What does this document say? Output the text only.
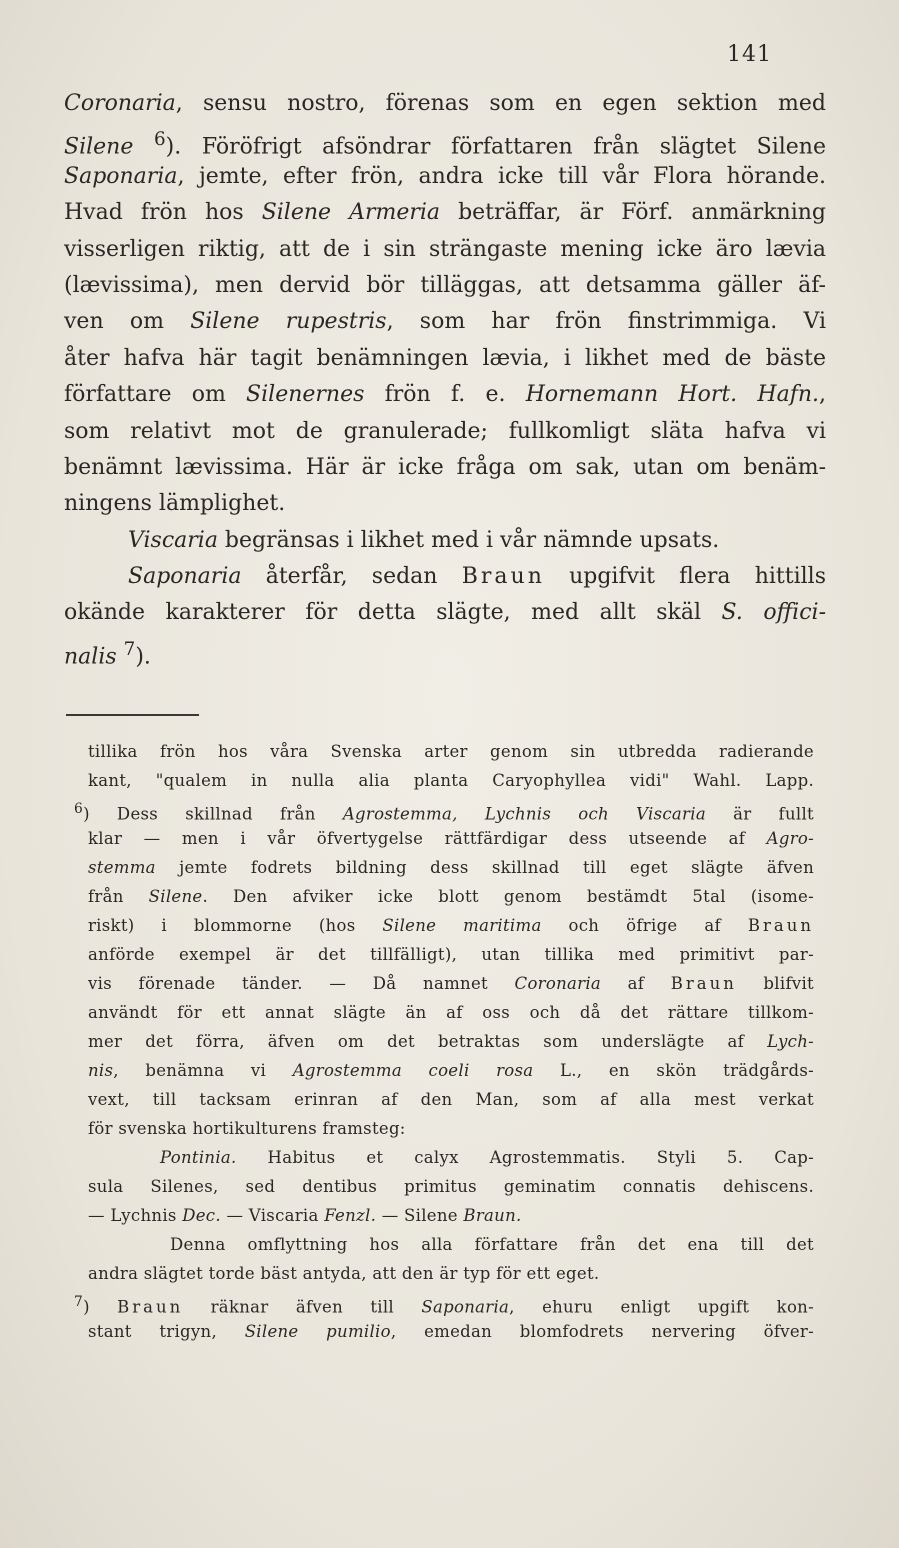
141
Coronaria, sensu nostro, förenas som en egen sektion med
Silene $^6$). Föröfrigt afsöndrar författaren från slägtet Silene
Saponaria, jemte, efter frön, andra icke till vår Flora hörande.
Hvad frön hos Silene Armeria beträffar, är Förf. anmärkning
visserligen riktig, att de i sin strängaste mening icke äro lævia
(lævissima), men dervid bör tilläggas, att detsamma gäller äf-
ven om Silene rupestris, som har frön finstrimmiga. Vi
åter hafva här tagit benämningen lævia, i likhet med de bäste
författare om Silenernes frön f. e. Hornemann Hort. Hafn.,
som relativt mot de granulerade; fullkomligt släta hafva vi
benämnt lævissima. Här är icke fråga om sak, utan om benäm-
ningens lämplighet.
Viscaria begränsas i likhet med i vår nämnde upsats.
Saponaria återfår, sedan Braun upgifvit flera hittills
okände karakterer för detta slägte, med allt skäl S. offici-
nalis $^7$).
tillika frön hos våra Svenska arter genom sin utbredda radierande
kant, "qualem in nulla alia planta Caryophyllea vidi" Wahl. Lapp.
$^6$) Dess skillnad från Agrostemma, Lychnis och Viscaria är fullt
klar — men i vår öfvertygelse rättfärdigar dess utseende af Agro-
stemma jemte fodrets bildning dess skillnad till eget slägte äfven
från Silene. Den afviker icke blott genom bestämdt 5tal (isome-
riskt) i blommorne (hos Silene maritima och öfrige af Braun
anförde exempel är det tillfälligt), utan tillika med primitivt par-
vis förenade tänder. — Då namnet Coronaria af Braun blifvit
användt för ett annat slägte än af oss och då det rättare tillkom-
mer det förra, äfven om det betraktas som underslägte af Lych-
nis, benämna vi Agrostemma coeli rosa L., en skön trädgårds-
vext, till tacksam erinran af den Man, som af alla mest verkat
för svenska hortikulturens framsteg:
Pontinia. Habitus et calyx Agrostemmatis. Styli 5. Cap-
sula Silenes, sed dentibus primitus geminatim connatis dehiscens.
— Lychnis Dec. — Viscaria Fenzl. — Silene Braun.
Denna omflyttning hos alla författare från det ena till det
andra slägtet torde bäst antyda, att den är typ för ett eget.
$^7$) Braun räknar äfven till Saponaria, ehuru enligt upgift kon-
stant trigyn, Silene pumilio, emedan blomfodrets nervering öfver-
